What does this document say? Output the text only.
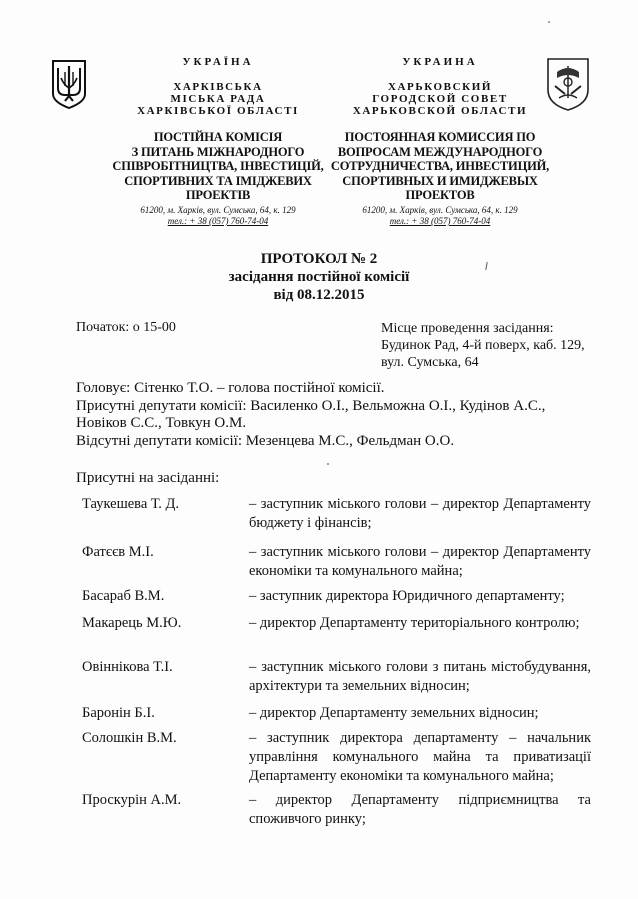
УКРАЇНА
ХАРКІВСЬКА
МІСЬКА РАДА
ХАРКІВСЬКОЇ ОБЛАСТІ
ПОСТІЙНА КОМІСІЯ
З ПИТАНЬ МІЖНАРОДНОГО
СПІВРОБІТНИЦТВА, ІНВЕСТИЦІЙ,
СПОРТИВНИХ ТА ІМІДЖЕВИХ
ПРОЕКТІВ
УКРАИНА
ХАРЬКОВСКИЙ
ГОРОДСКОЙ СОВЕТ
ХАРЬКОВСКОЙ ОБЛАСТИ
ПОСТОЯННАЯ КОМИССИЯ ПО
ВОПРОСАМ МЕЖДУНАРОДНОГО
СОТРУДНИЧЕСТВА, ИНВЕСТИЦИЙ,
СПОРТИВНЫХ И ИМИДЖЕВЫХ
ПРОЕКТОВ
61200, м. Харків, вул. Сумська, 64, к. 129
тел.: + 38 (057) 760-74-04
61200, м. Харків, вул. Сумська, 64, к. 129
тел.: + 38 (057) 760-74-04
ПРОТОКОЛ № 2
засідання постійної комісії
від 08.12.2015
Початок: о 15-00	Місце проведення засідання:
Будинок Рад, 4-й поверх, каб. 129,
вул. Сумська, 64
Головує: Сітенко Т.О. – голова постійної комісії.
Присутні депутати комісії: Василенко О.І., Вельможна О.І., Кудінов А.С.,
Новіков С.С., Товкун О.М.
Відсутні депутати комісії: Мезенцева М.С., Фельдман О.О.
Присутні на засіданні:
Таукешева Т. Д.	– заступник міського голови – директор Департаменту бюджету і фінансів;
Фатєєв М.І.	– заступник міського голови – директор Департаменту економіки та комунального майна;
Басараб В.М.	– заступник директора Юридичного департаменту;
Макарець М.Ю.	– директор Департаменту територіального контролю;
Овіннікова Т.І.	– заступник міського голови з питань містобудування, архітектури та земельних відносин;
Баронін Б.І.	– директор Департаменту земельних відносин;
Солошкін В.М.	– заступник директора департаменту – начальник управління комунального майна та приватизації Департаменту економіки та комунального майна;
Проскурін А.М.	– директор Департаменту підприємництва та споживчого ринку;
